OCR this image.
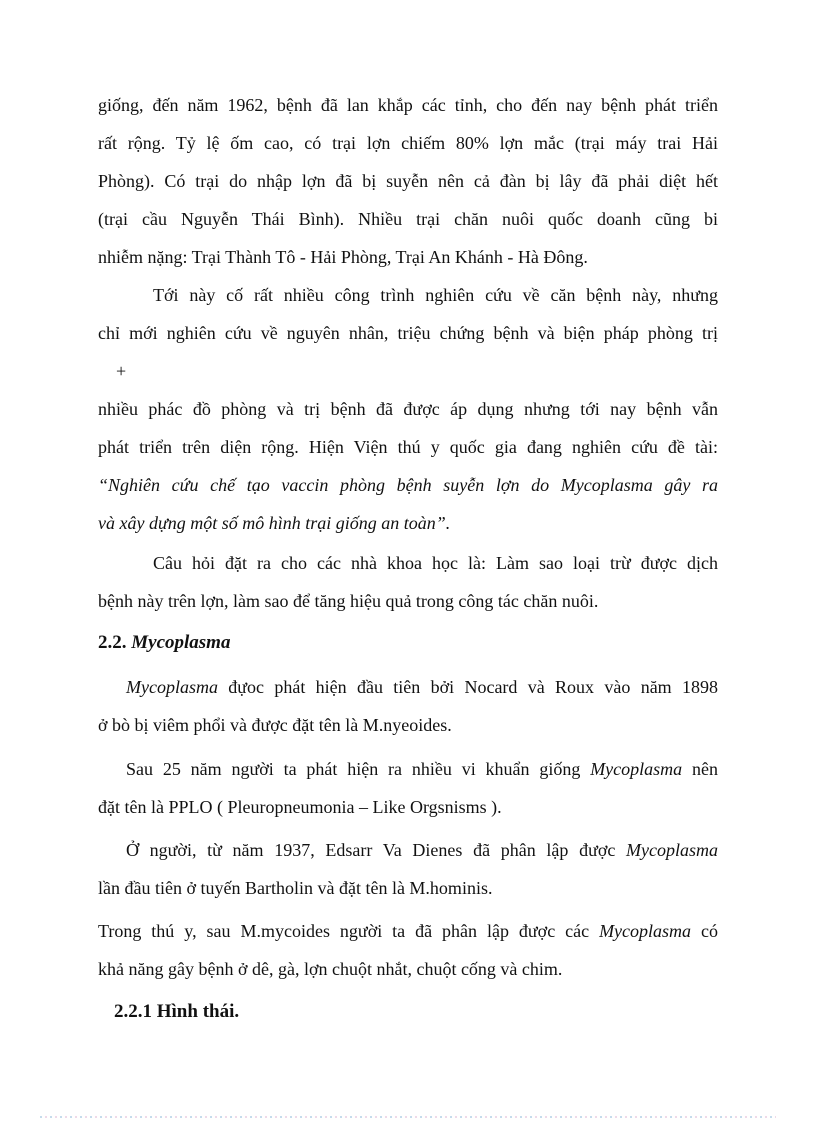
giống, đến năm 1962, bệnh đã lan khắp các tỉnh, cho đến nay bệnh phát triển
rất rộng. Tỷ lệ ốm cao, có trại lợn chiếm 80% lợn mắc (trại máy trai Hải
Phòng). Có trại do nhập lợn đã bị suyễn nên cả đàn bị lây đã phải diệt hết
(trại cầu Nguyễn Thái Bình). Nhiều trại chăn nuôi quốc doanh cũng bi
nhiễm nặng: Trại Thành Tô - Hải Phòng, Trại An Khánh - Hà Đông.
Tới này cố rất nhiều công trình nghiên cứu về căn bệnh này, nhưng
chỉ mới nghiên cứu về nguyên nhân, triệu chứng bệnh và biện pháp phòng trị
+
nhiều phác đồ phòng và trị bệnh đã được áp dụng nhưng tới nay bệnh vẫn
phát triển trên diện rộng. Hiện Viện thú y quốc gia đang nghiên cứu đề tài:
“Nghiên cứu chế tạo vaccin phòng bệnh suyễn lợn do Mycoplasma gây ra
và xây dựng một số mô hình trại giống an toàn”.
Câu hỏi đặt ra cho các nhà khoa học là: Làm sao loại trừ được dịch
bệnh này trên lợn, làm sao để tăng hiệu quả trong công tác chăn nuôi.
2.2. Mycoplasma
Mycoplasma đựoc phát hiện đầu tiên bởi Nocard và Roux vào năm 1898
ở bò bị viêm phổi và được đặt tên là M.nyeoides.
Sau 25 năm người ta phát hiện ra nhiều vi khuẩn giống Mycoplasma nên
đặt tên là PPLO ( Pleuropneumonia – Like Orgsnisms ).
Ở người, từ năm 1937, Edsarr Va Dienes đã phân lập được Mycoplasma
lần đầu tiên ở tuyến Bartholin và đặt tên là M.hominis.
Trong thú y, sau M.mycoides người ta đã phân lập được các Mycoplasma có
khả năng gây bệnh ở dê, gà, lợn chuột nhắt, chuột cống và chim.
2.2.1 Hình thái.
